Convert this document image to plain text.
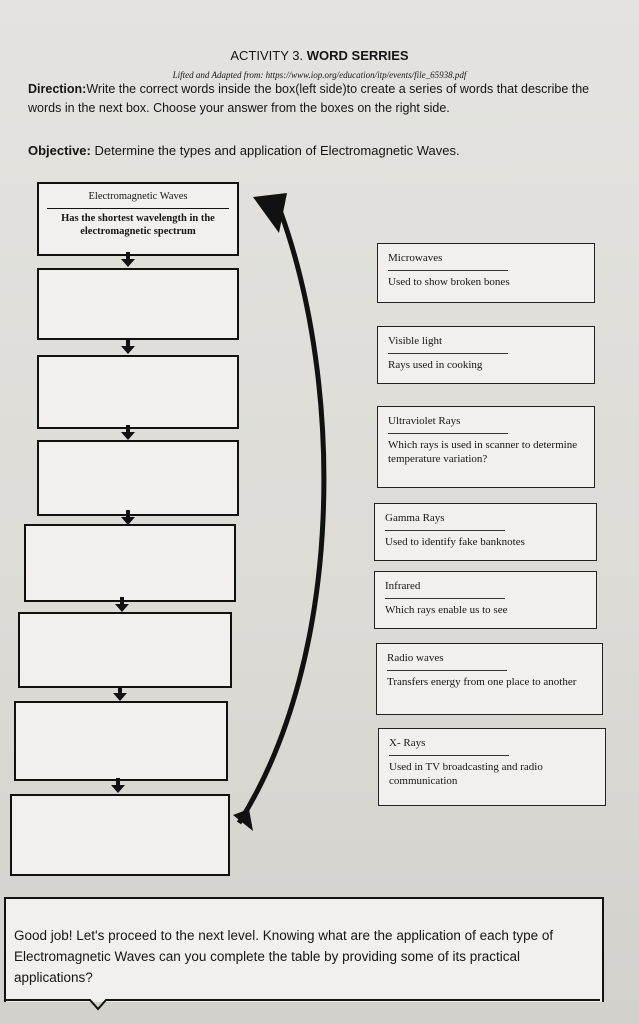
ACTIVITY 3. WORD SERRIES
Lifted and Adapted from: https://www.iop.org/education/itp/events/file_65938.pdf
Direction:Write the correct words inside the box(left side)to create a series of words that describe the words in the next box. Choose your answer from the boxes on the right side.
Objective: Determine the types and application of Electromagnetic Waves.
Electromagnetic Waves
Has the shortest wavelength in the electromagnetic spectrum
Microwaves
Used to show broken bones
Visible light
Rays used in cooking
Ultraviolet Rays
Which rays is used in scanner to determine temperature variation?
Gamma Rays
Used to identify fake banknotes
Infrared
Which rays enable us to see
Radio waves
Transfers energy from one place to another
X- Rays
Used in TV broadcasting and radio communication

Good job! Let's proceed to the next level. Knowing what are the application of each type of Electromagnetic Waves can you complete the table by providing some of its practical applications?
